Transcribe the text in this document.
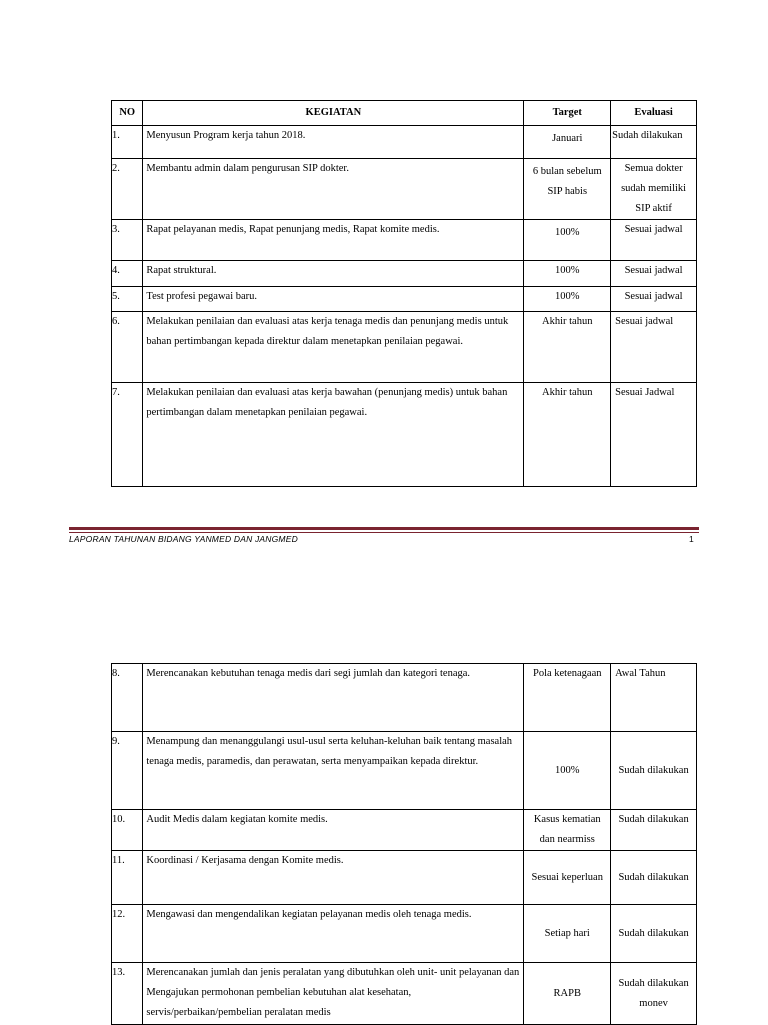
NO	KEGIATAN	Target	Evaluasi
1.	Menyusun Program kerja tahun 2018.	Januari	Sudah dilakukan
2.	Membantu admin dalam pengurusan SIP dokter.	6 bulan sebelum SIP habis	Semua dokter sudah memiliki SIP aktif
3.	Rapat pelayanan medis, Rapat penunjang medis, Rapat komite medis.	100%	Sesuai jadwal
4.	Rapat struktural.	100%	Sesuai jadwal
5.	Test profesi pegawai baru.	100%	Sesuai jadwal
6.	Melakukan penilaian dan evaluasi atas kerja tenaga medis dan penunjang medis untuk bahan pertimbangan kepada direktur dalam menetapkan penilaian pegawai.	Akhir tahun	Sesuai jadwal
7.	Melakukan penilaian dan evaluasi atas kerja bawahan (penunjang medis) untuk bahan pertimbangan dalam menetapkan penilaian pegawai.	Akhir tahun	Sesuai Jadwal
LAPORAN TAHUNAN BIDANG YANMED DAN JANGMED	1
8.	Merencanakan kebutuhan tenaga medis dari segi jumlah dan kategori tenaga.	Pola ketenagaan	Awal Tahun
9.	Menampung dan menanggulangi usul-usul serta keluhan-keluhan baik tentang masalah tenaga medis, paramedis, dan perawatan, serta menyampaikan kepada direktur.	100%	Sudah dilakukan
10.	Audit Medis dalam kegiatan komite medis.	Kasus kematian dan nearmiss	Sudah dilakukan
11.	Koordinasi / Kerjasama dengan Komite medis.	Sesuai keperluan	Sudah dilakukan
12.	Mengawasi dan mengendalikan kegiatan pelayanan medis oleh tenaga medis.	Setiap hari	Sudah dilakukan
13.	Merencanakan jumlah dan jenis peralatan yang dibutuhkan oleh unit- unit pelayanan dan Mengajukan permohonan pembelian kebutuhan alat kesehatan, servis/perbaikan/pembelian peralatan medis	RAPB	Sudah dilakukan monev
